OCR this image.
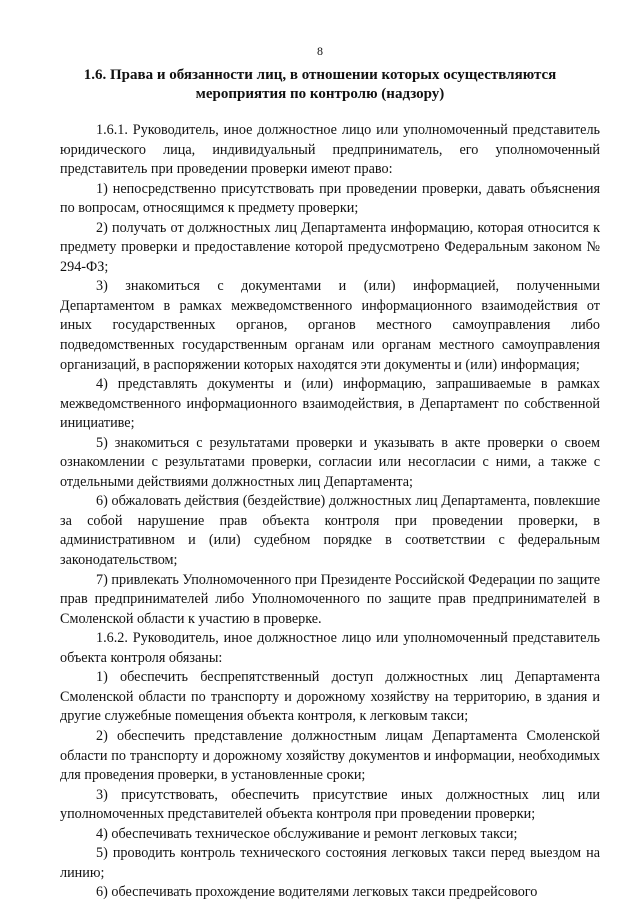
8
1.6. Права и обязанности лиц, в отношении которых осуществляются мероприятия по контролю (надзору)

1.6.1. Руководитель, иное должностное лицо или уполномоченный представитель юридического лица, индивидуальный предприниматель, его уполномоченный представитель при проведении проверки имеют право:

1) непосредственно присутствовать при проведении проверки, давать объяснения по вопросам, относящимся к предмету проверки;

2) получать от должностных лиц Департамента информацию, которая относится к предмету проверки и предоставление которой предусмотрено Федеральным законом № 294-ФЗ;

3) знакомиться с документами и (или) информацией, полученными Департаментом в рамках межведомственного информационного взаимодействия от иных государственных органов, органов местного самоуправления либо подведомственных государственным органам или органам местного самоуправления организаций, в распоряжении которых находятся эти документы и (или) информация;

4) представлять документы и (или) информацию, запрашиваемые в рамках межведомственного информационного взаимодействия, в Департамент по собственной инициативе;

5) знакомиться с результатами проверки и указывать в акте проверки о своем ознакомлении с результатами проверки, согласии или несогласии с ними, а также с отдельными действиями должностных лиц Департамента;

6) обжаловать действия (бездействие) должностных лиц Департамента, повлекшие за собой нарушение прав объекта контроля при проведении проверки, в административном и (или) судебном порядке в соответствии с федеральным законодательством;

7) привлекать Уполномоченного при Президенте Российской Федерации по защите прав предпринимателей либо Уполномоченного по защите прав предпринимателей в Смоленской области к участию в проверке.

1.6.2. Руководитель, иное должностное лицо или уполномоченный представитель объекта контроля обязаны:

1) обеспечить беспрепятственный доступ должностных лиц Департамента Смоленской области по транспорту и дорожному хозяйству на территорию, в здания и другие служебные помещения объекта контроля, к легковым такси;

2) обеспечить представление должностным лицам Департамента Смоленской области по транспорту и дорожному хозяйству документов и информации, необходимых для проведения проверки, в установленные сроки;

3) присутствовать, обеспечить присутствие иных должностных лиц или уполномоченных представителей объекта контроля при проведении проверки;

4) обеспечивать техническое обслуживание и ремонт легковых такси;

5) проводить контроль технического состояния легковых такси перед выездом на линию;

6) обеспечивать прохождение водителями легковых такси предрейсового
